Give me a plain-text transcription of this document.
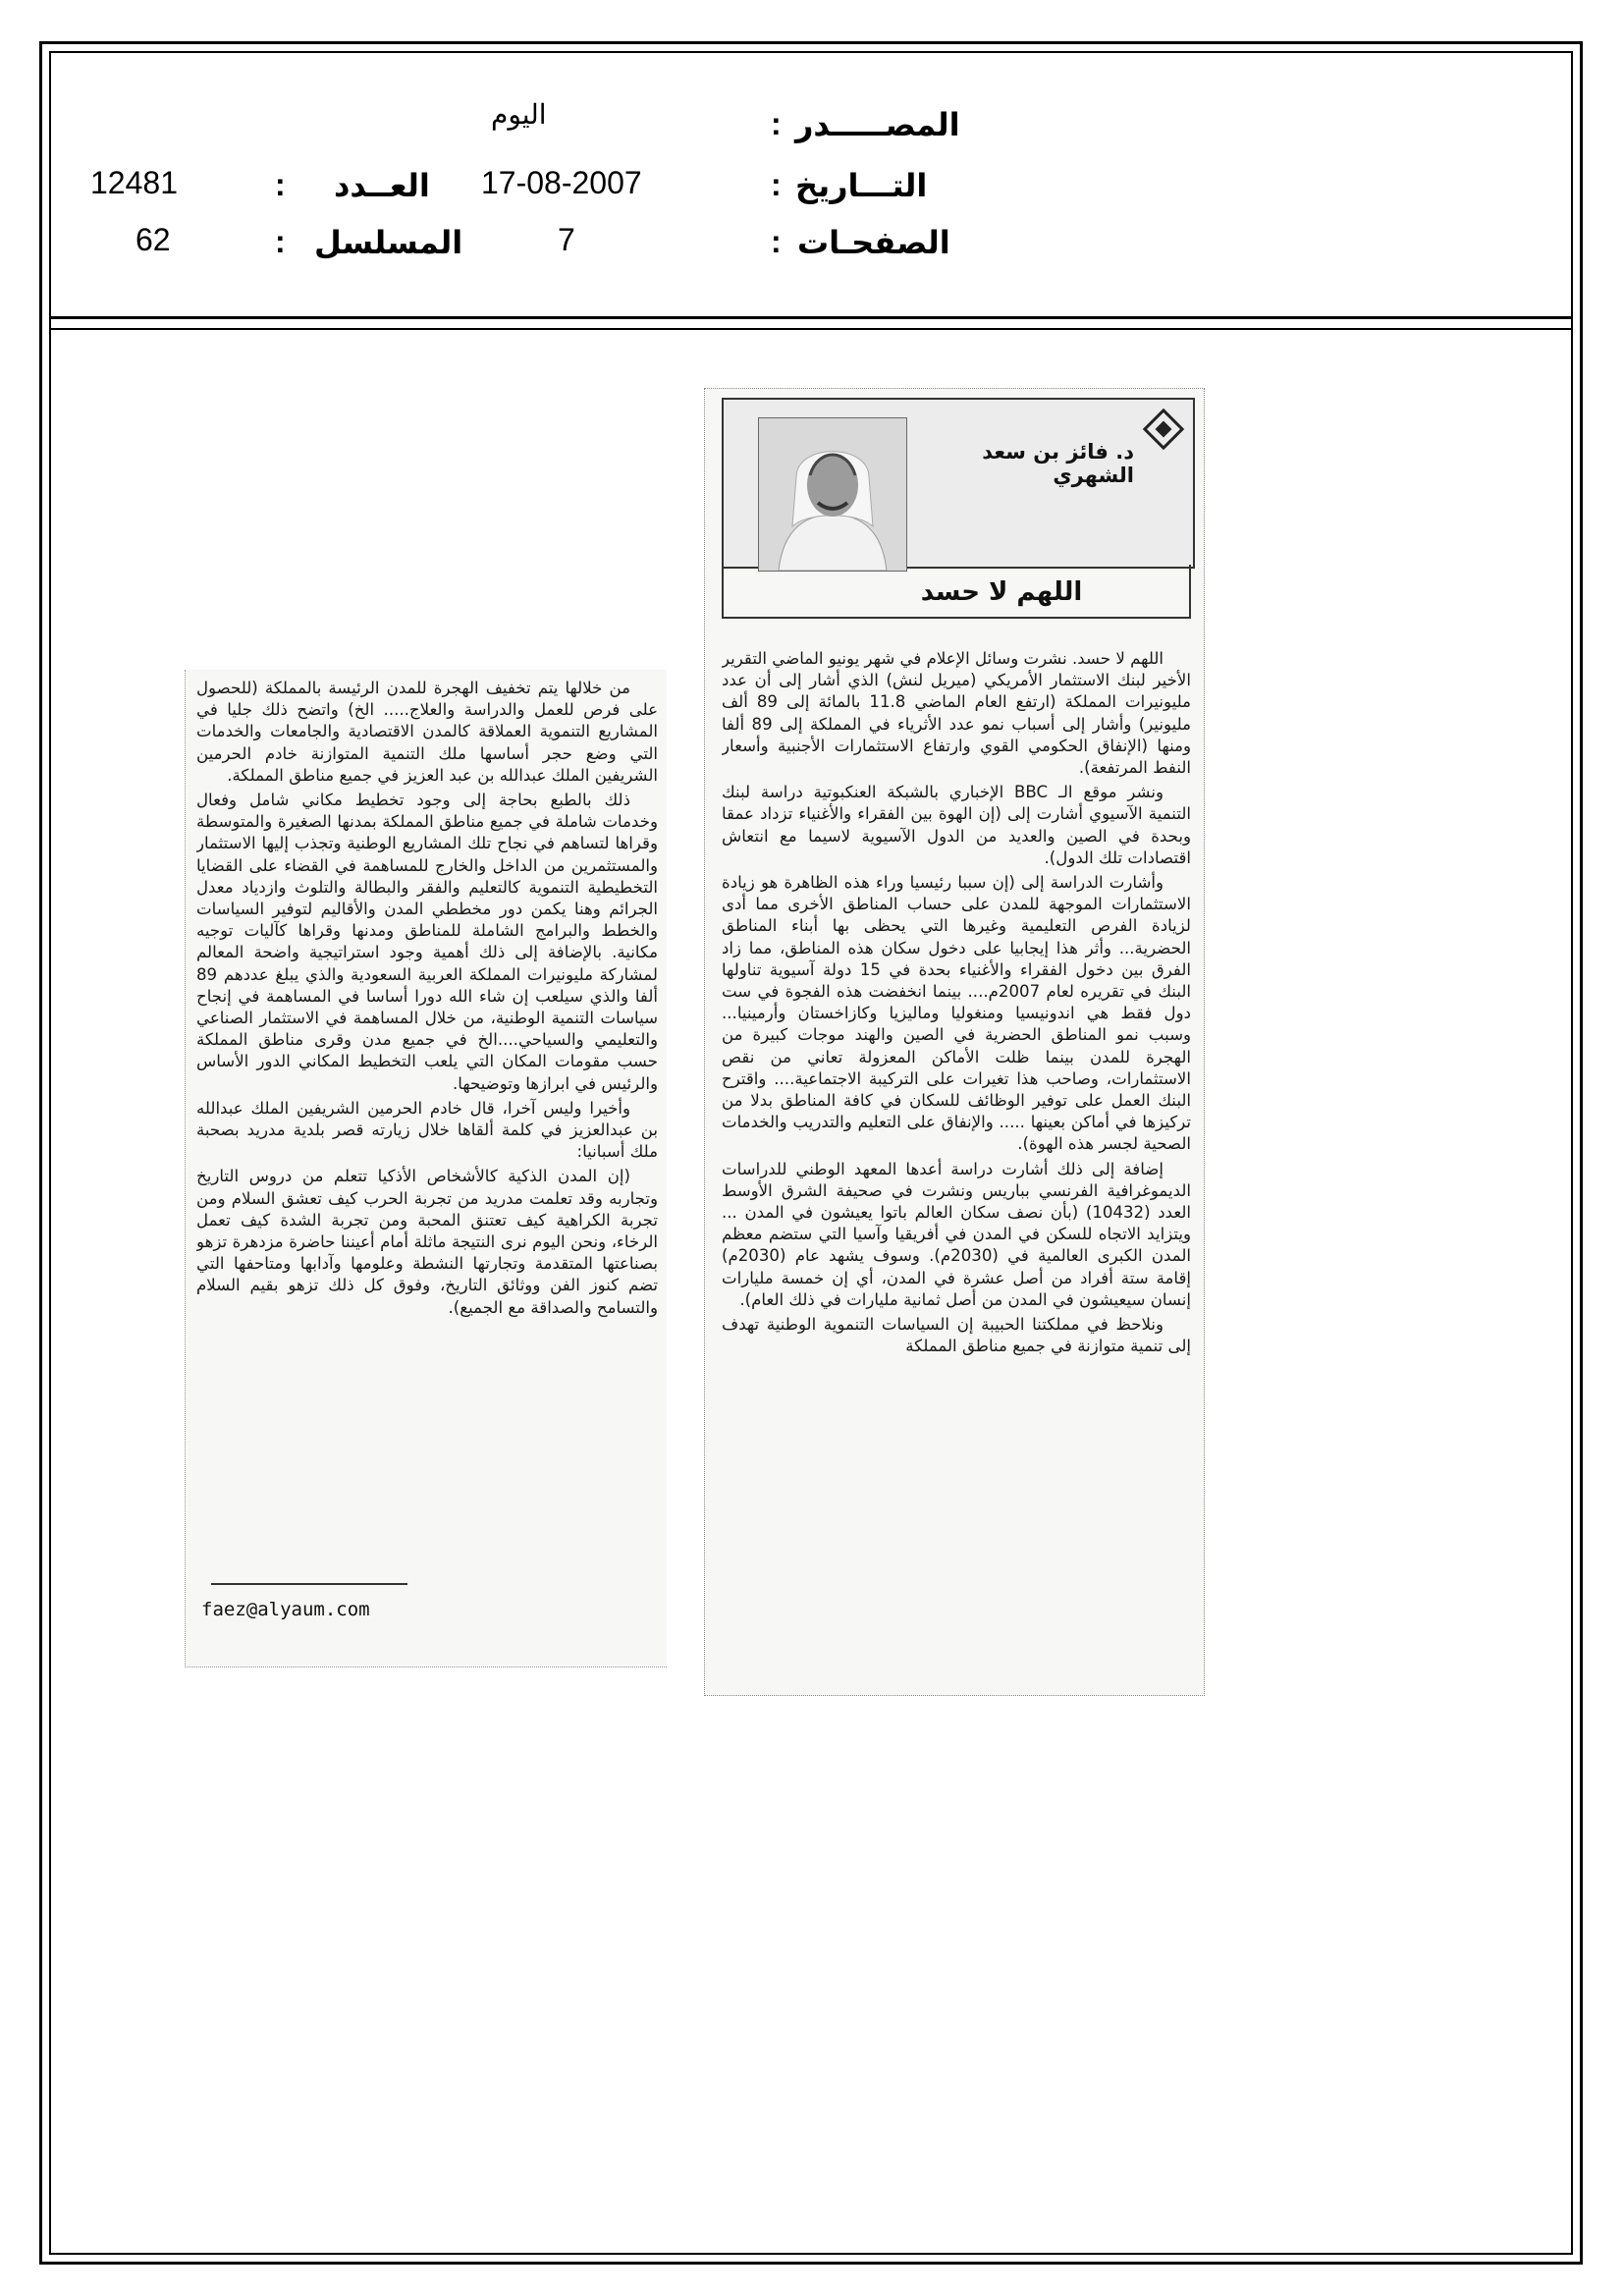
المصـــــدر
:
اليوم
التـــاريخ
:
17-08-2007
العــدد
:
12481
الصفحـات
:
7
المسلسل
:
62
د. فائز بن سعد الشهري
اللهم لا حسد

اللهم لا حسد. نشرت وسائل الإعلام في شهر يونيو الماضي التقرير الأخير لبنك الاستثمار الأمريكي (ميريل لنش) الذي أشار إلى أن عدد مليونيرات المملكة (ارتفع العام الماضي 11.8 بالمائة إلى 89 ألف مليونير) وأشار إلى أسباب نمو عدد الأثرياء في المملكة إلى 89 ألفا ومنها (الإنفاق الحكومي القوي وارتفاع الاستثمارات الأجنبية وأسعار النفط المرتفعة).

ونشر موقع الـ BBC الإخباري بالشبكة العنكبوتية دراسة لبنك التنمية الآسيوي أشارت إلى (إن الهوة بين الفقراء والأغنياء تزداد عمقا وبحدة في الصين والعديد من الدول الآسيوية لاسيما مع انتعاش اقتصادات تلك الدول).

وأشارت الدراسة إلى (إن سببا رئيسيا وراء هذه الظاهرة هو زيادة الاستثمارات الموجهة للمدن على حساب المناطق الأخرى مما أدى لزيادة الفرص التعليمية وغيرها التي يحظى بها أبناء المناطق الحضرية... وأثر هذا إيجابيا على دخول سكان هذه المناطق، مما زاد الفرق بين دخول الفقراء والأغنياء بحدة في 15 دولة آسيوية تناولها البنك في تقريره لعام 2007م.... بينما انخفضت هذه الفجوة في ست دول فقط هي اندونيسيا ومنغوليا وماليزيا وكازاخستان وأرمينيا... وسبب نمو المناطق الحضرية في الصين والهند موجات كبيرة من الهجرة للمدن بينما ظلت الأماكن المعزولة تعاني من نقص الاستثمارات، وصاحب هذا تغيرات على التركيبة الاجتماعية.... واقترح البنك العمل على توفير الوظائف للسكان في كافة المناطق بدلا من تركيزها في أماكن بعينها ..... والإنفاق على التعليم والتدريب والخدمات الصحية لجسر هذه الهوة).

إضافة إلى ذلك أشارت دراسة أعدها المعهد الوطني للدراسات الديموغرافية الفرنسي بباريس ونشرت في صحيفة الشرق الأوسط العدد (10432) (بأن نصف سكان العالم باتوا يعيشون في المدن ... ويتزايد الاتجاه للسكن في المدن في أفريقيا وآسيا التي ستضم معظم المدن الكبرى العالمية في (2030م). وسوف يشهد عام (2030م) إقامة ستة أفراد من أصل عشرة في المدن، أي إن خمسة مليارات إنسان سيعيشون في المدن من أصل ثمانية مليارات في ذلك العام).

ونلاحظ في مملكتنا الحبيبة إن السياسات التنموية الوطنية تهدف إلى تنمية متوازنة في جميع مناطق المملكة

من خلالها يتم تخفيف الهجرة للمدن الرئيسة بالمملكة (للحصول على فرص للعمل والدراسة والعلاج..... الخ) واتضح ذلك جليا في المشاريع التنموية العملاقة كالمدن الاقتصادية والجامعات والخدمات التي وضع حجر أساسها ملك التنمية المتوازنة خادم الحرمين الشريفين الملك عبدالله بن عبد العزيز في جميع مناطق المملكة.

ذلك بالطبع بحاجة إلى وجود تخطيط مكاني شامل وفعال وخدمات شاملة في جميع مناطق المملكة بمدنها الصغيرة والمتوسطة وقراها لتساهم في نجاح تلك المشاريع الوطنية وتجذب إليها الاستثمار والمستثمرين من الداخل والخارج للمساهمة في القضاء على القضايا التخطيطية التنموية كالتعليم والفقر والبطالة والتلوث وازدياد معدل الجرائم وهنا يكمن دور مخططي المدن والأقاليم لتوفير السياسات والخطط والبرامج الشاملة للمناطق ومدنها وقراها كآليات توجيه مكانية. بالإضافة إلى ذلك أهمية وجود استراتيجية واضحة المعالم لمشاركة مليونيرات المملكة العربية السعودية والذي يبلغ عددهم 89 ألفا والذي سيلعب إن شاء الله دورا أساسا في المساهمة في إنجاح سياسات التنمية الوطنية، من خلال المساهمة في الاستثمار الصناعي والتعليمي والسياحي....الخ في جميع مدن وقرى مناطق المملكة حسب مقومات المكان التي يلعب التخطيط المكاني الدور الأساس والرئيس في ابرازها وتوضيحها.

وأخيرا وليس آخرا، قال خادم الحرمين الشريفين الملك عبدالله بن عبدالعزيز في كلمة ألقاها خلال زيارته قصر بلدية مدريد بصحبة ملك أسبانيا:

(إن المدن الذكية كالأشخاص الأذكيا تتعلم من دروس التاريخ وتجاربه وقد تعلمت مدريد من تجربة الحرب كيف تعشق السلام ومن تجربة الكراهية كيف تعتنق المحبة ومن تجربة الشدة كيف تعمل الرخاء، ونحن اليوم نرى النتيجة ماثلة أمام أعيننا حاضرة مزدهرة تزهو بصناعتها المتقدمة وتجارتها النشطة وعلومها وآدابها ومتاحفها التي تضم كنوز الفن ووثائق التاريخ، وفوق كل ذلك تزهو بقيم السلام والتسامح والصداقة مع الجميع).

faez@alyaum.com
